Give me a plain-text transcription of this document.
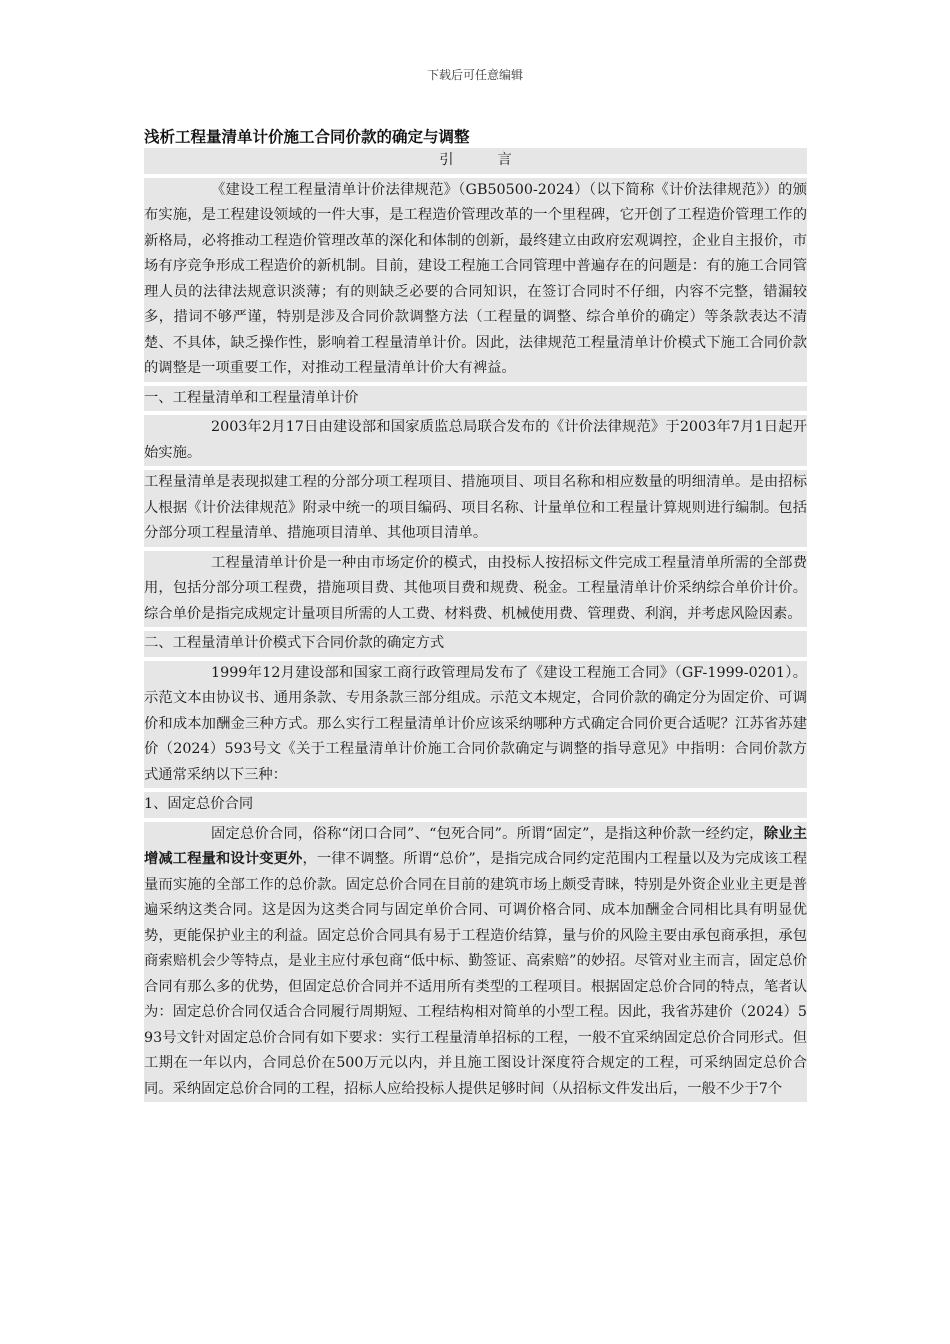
下载后可任意编辑
浅析工程量清单计价施工合同价款的确定与调整
引言
《建设工程工程量清单计价法律规范》（GB50500-2024）（以下简称《计价法律规范》）的颁布实施，是工程建设领域的一件大事，是工程造价管理改革的一个里程碑，它开创了工程造价管理工作的新格局，必将推动工程造价管理改革的深化和体制的创新，最终建立由政府宏观调控，企业自主报价，市场有序竞争形成工程造价的新机制。目前，建设工程施工合同管理中普遍存在的问题是：有的施工合同管理人员的法律法规意识淡薄；有的则缺乏必要的合同知识，在签订合同时不仔细，内容不完整，错漏较多，措词不够严谨，特别是涉及合同价款调整方法（工程量的调整、综合单价的确定）等条款表达不清楚、不具体，缺乏操作性，影响着工程量清单计价。因此，法律规范工程量清单计价模式下施工合同价款的调整是一项重要工作，对推动工程量清单计价大有裨益。
一、工程量清单和工程量清单计价
2003年2月17日由建设部和国家质监总局联合发布的《计价法律规范》于2003年7月1日起开始实施。
工程量清单是表现拟建工程的分部分项工程项目、措施项目、项目名称和相应数量的明细清单。是由招标人根据《计价法律规范》附录中统一的项目编码、项目名称、计量单位和工程量计算规则进行编制。包括分部分项工程量清单、措施项目清单、其他项目清单。
工程量清单计价是一种由市场定价的模式，由投标人按招标文件完成工程量清单所需的全部费用，包括分部分项工程费，措施项目费、其他项目费和规费、税金。工程量清单计价采纳综合单价计价。综合单价是指完成规定计量项目所需的人工费、材料费、机械使用费、管理费、利润，并考虑风险因素。
二、工程量清单计价模式下合同价款的确定方式
1999年12月建设部和国家工商行政管理局发布了《建设工程施工合同》（GF-1999-0201）。示范文本由协议书、通用条款、专用条款三部分组成。示范文本规定，合同价款的确定分为固定价、可调价和成本加酬金三种方式。那么实行工程量清单计价应该采纳哪种方式确定合同价更合适呢？江苏省苏建价（2024）593号文《关于工程量清单计价施工合同价款确定与调整的指导意见》中指明：合同价款方式通常采纳以下三种：
1、固定总价合同
固定总价合同，俗称“闭口合同”、“包死合同”。所谓“固定”，是指这种价款一经约定，除业主增减工程量和设计变更外，一律不调整。所谓“总价”，是指完成合同约定范围内工程量以及为完成该工程量而实施的全部工作的总价款。固定总价合同在目前的建筑市场上颇受青睐，特别是外资企业业主更是普遍采纳这类合同。这是因为这类合同与固定单价合同、可调价格合同、成本加酬金合同相比具有明显优势，更能保护业主的利益。固定总价合同具有易于工程造价结算，量与价的风险主要由承包商承担，承包商索赔机会少等特点，是业主应付承包商“低中标、勤签证、高索赔”的妙招。尽管对业主而言，固定总价合同有那么多的优势，但固定总价合同并不适用所有类型的工程项目。根据固定总价合同的特点，笔者认为：固定总价合同仅适合合同履行周期短、工程结构相对简单的小型工程。因此，我省苏建价（2024）593号文针对固定总价合同有如下要求：实行工程量清单招标的工程，一般不宜采纳固定总价合同形式。但工期在一年以内，合同总价在500万元以内，并且施工图设计深度符合规定的工程，可采纳固定总价合同。采纳固定总价合同的工程，招标人应给投标人提供足够时间（从招标文件发出后，一般不少于7个
